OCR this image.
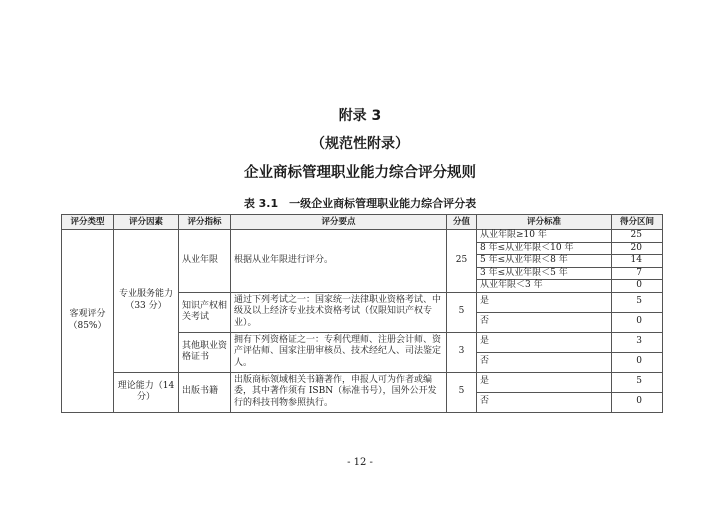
附录 3
（规范性附录）
企业商标管理职业能力综合评分规则
表 3.1　一级企业商标管理职业能力综合评分表
评分类型	评分因素	评分指标	评分要点	分值	评分标准	得分区间
客观评分（85%）	专业服务能力（33 分）	从业年限	根据从业年限进行评分。	25	从业年限≥10 年	25
					8 年≤从业年限＜10 年	20
					5 年≤从业年限＜8 年	14
					3 年≤从业年限＜5 年	7
					从业年限＜3 年	0
		知识产权相关考试	通过下列考试之一：国家统一法律职业资格考试、中级及以上经济专业技术资格考试（仅限知识产权专业）。	5	是	5
					否	0
		其他职业资格证书	拥有下列资格证之一：专利代理师、注册会计师、资产评估师、国家注册审核员、技术经纪人、司法鉴定人。	3	是	3
					否	0
	理论能力（14 分）	出版书籍	出版商标领域相关书籍著作，申报人可为作者或编委，其中著作须有 ISBN（标准书号），国外公开发行的科技刊物参照执行。	5	是	5
					否	0
- 12 -
